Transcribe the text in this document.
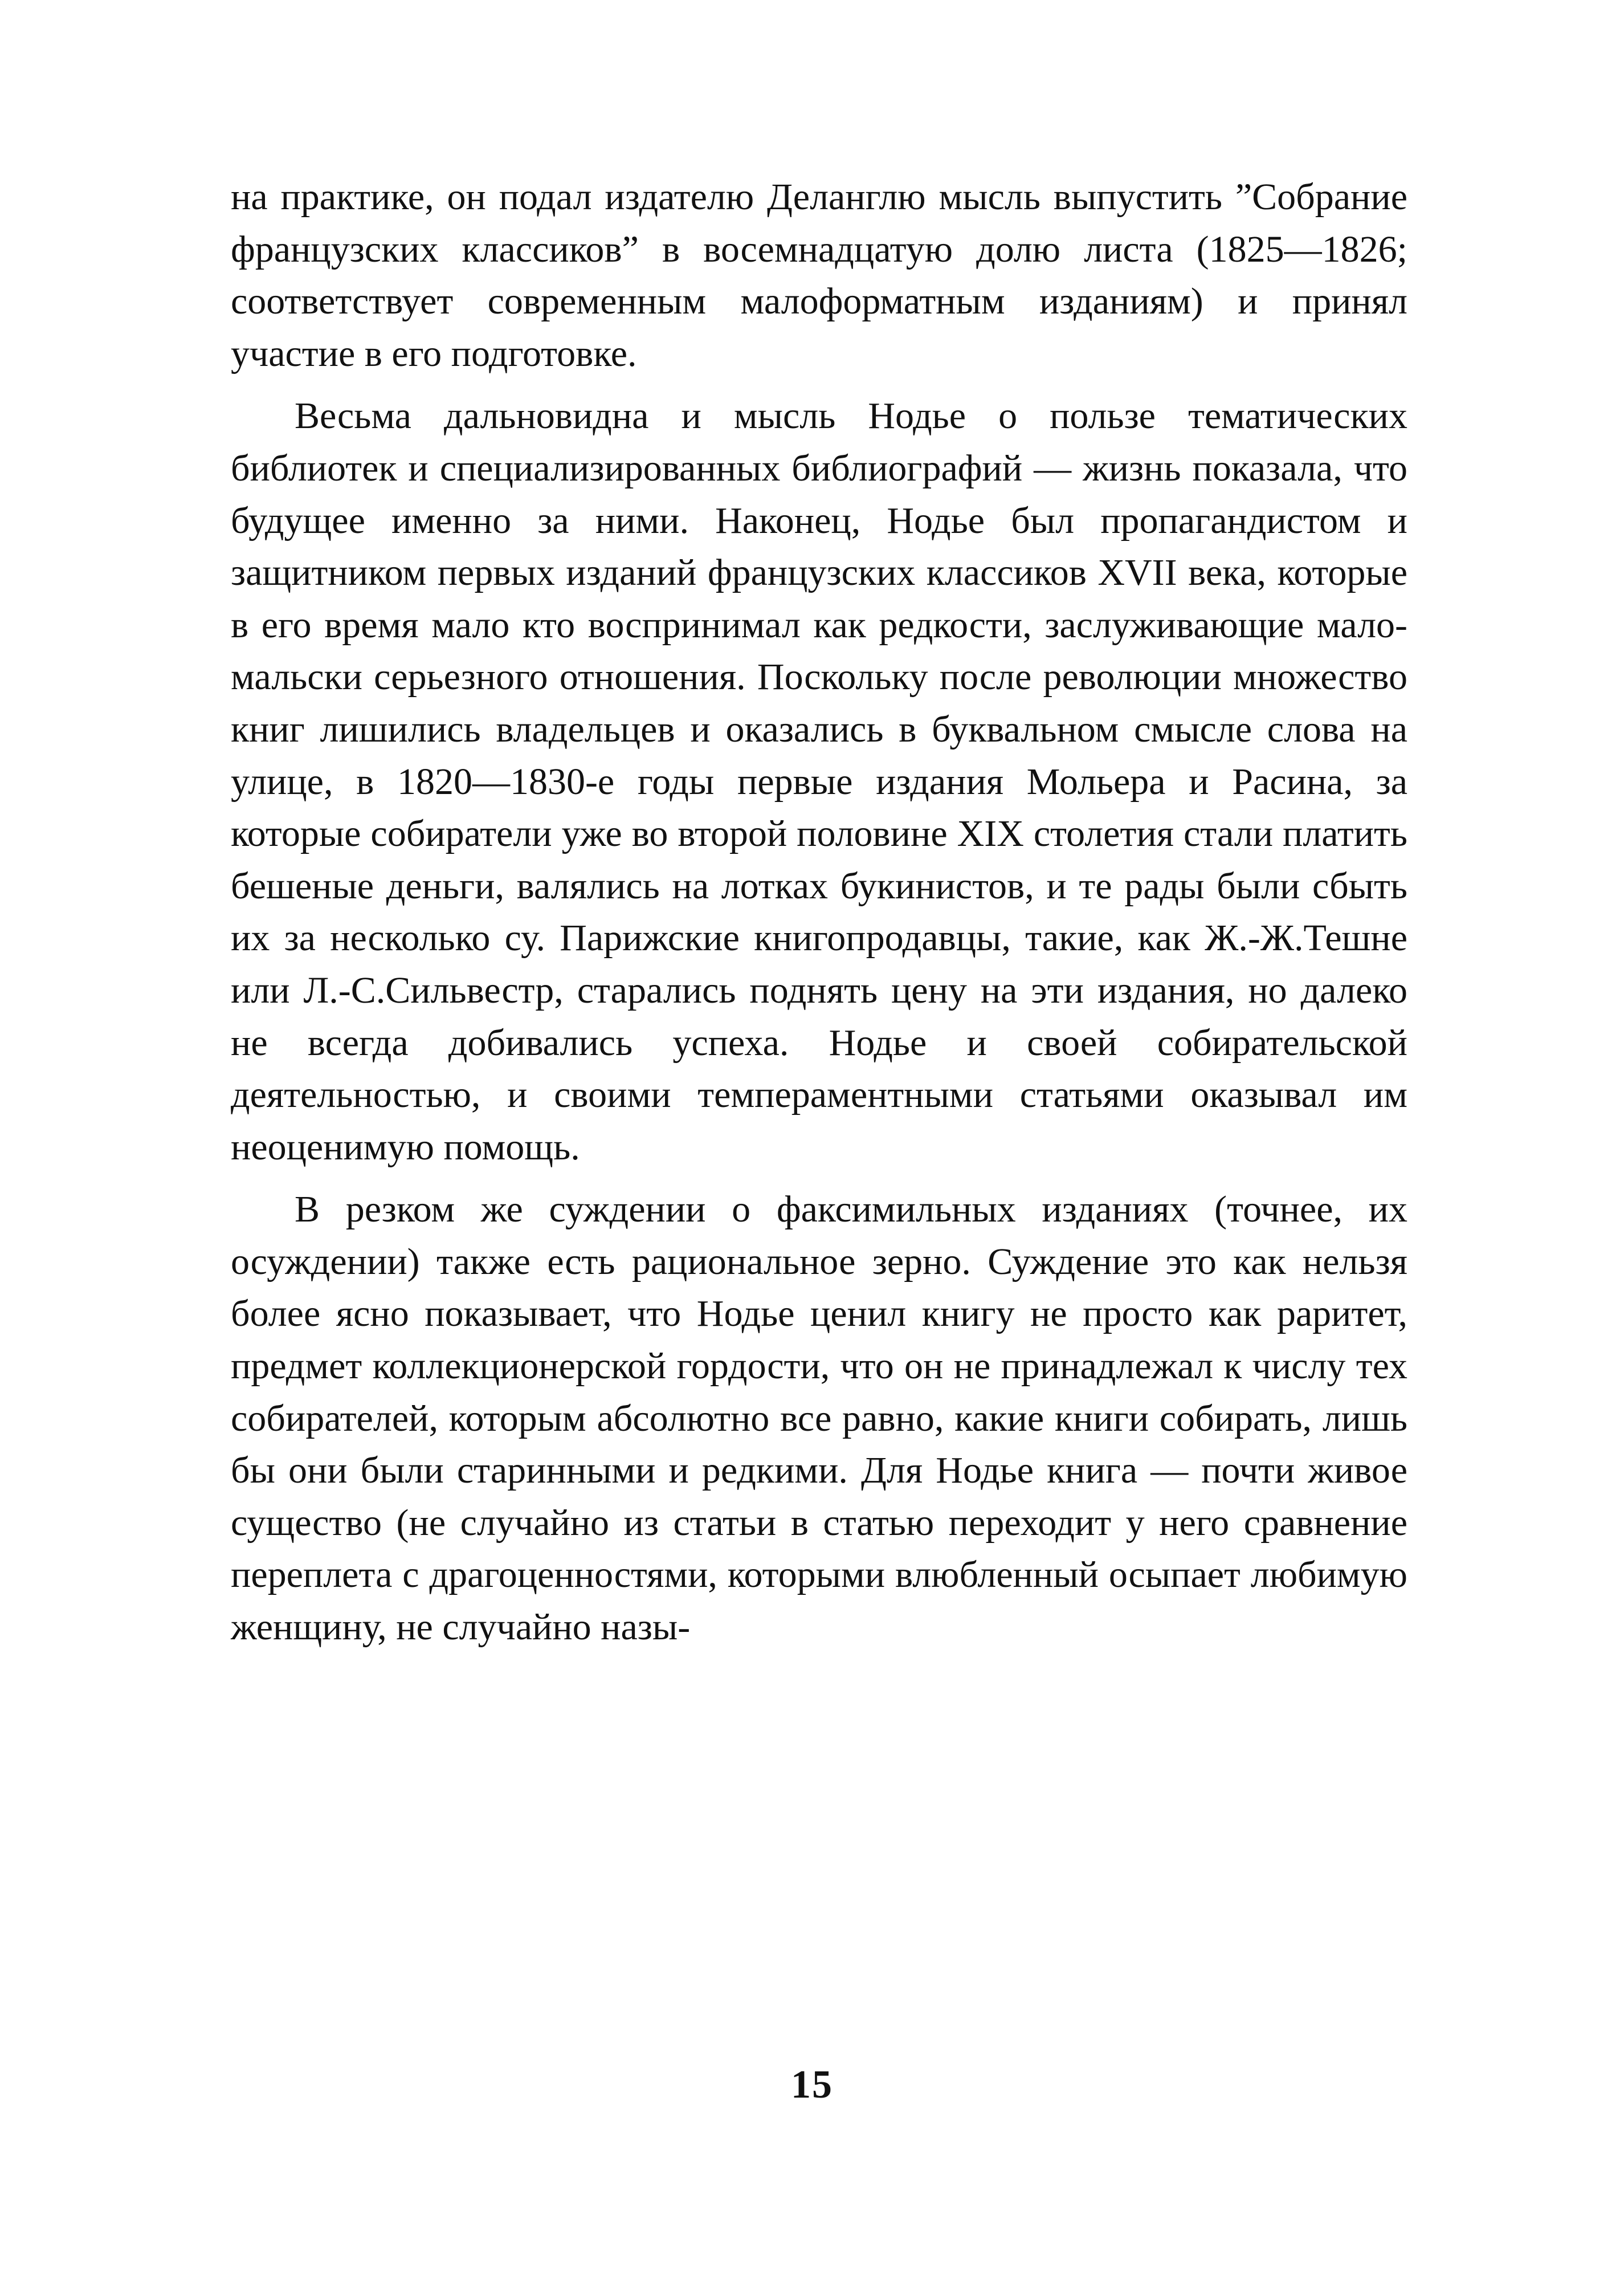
на практике, он подал издателю Деланглю мысль выпустить ”Собрание французских классиков” в восемнадцатую долю листа (1825—1826; соответствует современным малоформатным изданиям) и принял участие в его подготовке.

Весьма дальновидна и мысль Нодье о пользе тематических библиотек и специализированных библиографий — жизнь показала, что будущее именно за ними. Наконец, Нодье был пропагандистом и защитником первых изданий французских классиков XVII века, которые в его время мало кто воспринимал как редкости, заслуживающие мало-мальски серьезного отношения. Поскольку после революции множество книг лишились владельцев и оказались в буквальном смысле слова на улице, в 1820—1830-е годы первые издания Мольера и Расина, за которые собиратели уже во второй половине XIX столетия стали платить бешеные деньги, валялись на лотках букинистов, и те рады были сбыть их за несколько су. Парижские книгопродавцы, такие, как Ж.-Ж.Тешне или Л.-С.Сильвестр, старались поднять цену на эти издания, но далеко не всегда добивались успеха. Нодье и своей собирательской деятельностью, и своими темпераментными статьями оказывал им неоценимую помощь.

В резком же суждении о факсимильных изданиях (точнее, их осуждении) также есть рациональное зерно. Суждение это как нельзя более ясно показывает, что Нодье ценил книгу не просто как раритет, предмет коллекционерской гордости, что он не принадлежал к числу тех собирателей, которым абсолютно все равно, какие книги собирать, лишь бы они были старинными и редкими. Для Нодье книга — почти живое существо (не случайно из статьи в статью переходит у него сравнение переплета с драгоценностями, которыми влюбленный осыпает любимую женщину, не случайно назы-

15
